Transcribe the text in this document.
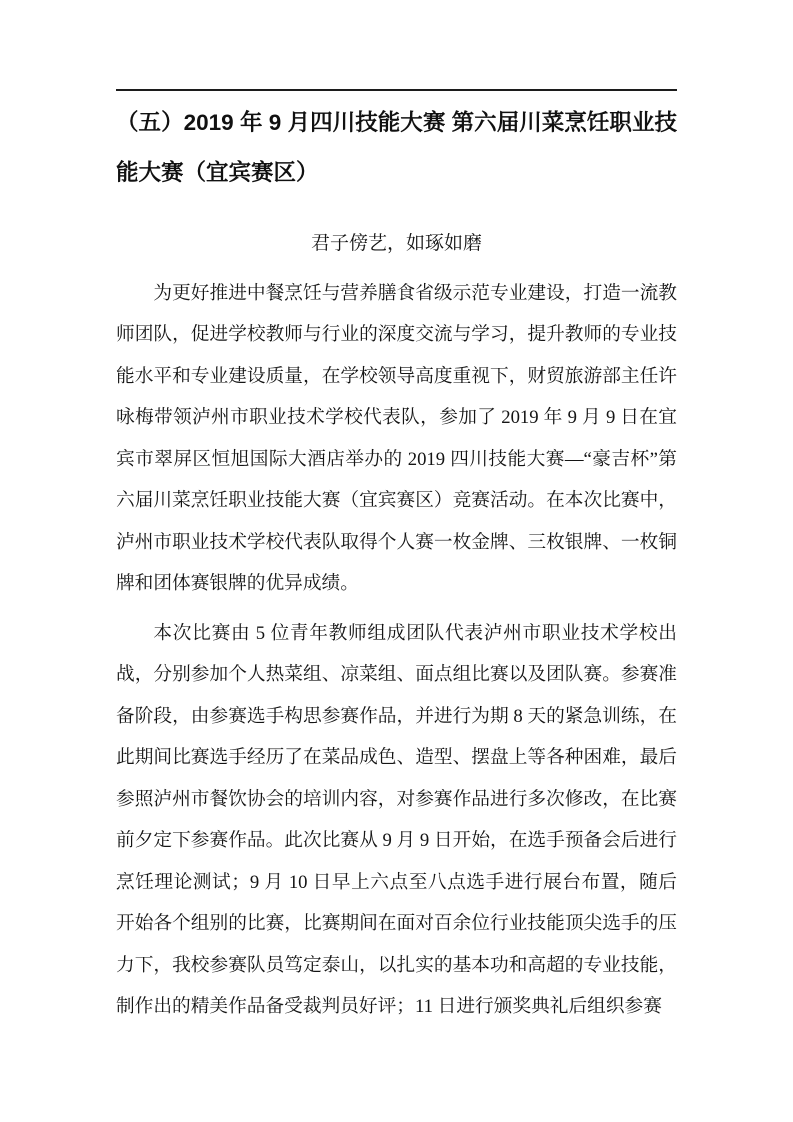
（五）2019 年 9 月四川技能大赛 第六届川菜烹饪职业技能大赛（宜宾赛区）

君子傍艺，如琢如磨

为更好推进中餐烹饪与营养膳食省级示范专业建设，打造一流教师团队，促进学校教师与行业的深度交流与学习，提升教师的专业技能水平和专业建设质量，在学校领导高度重视下，财贸旅游部主任许咏梅带领泸州市职业技术学校代表队，参加了 2019 年 9 月 9 日在宜宾市翠屏区恒旭国际大酒店举办的 2019 四川技能大赛—“豪吉杯”第六届川菜烹饪职业技能大赛（宜宾赛区）竞赛活动。在本次比赛中，泸州市职业技术学校代表队取得个人赛一枚金牌、三枚银牌、一枚铜牌和团体赛银牌的优异成绩。

本次比赛由 5 位青年教师组成团队代表泸州市职业技术学校出战，分别参加个人热菜组、凉菜组、面点组比赛以及团队赛。参赛准备阶段，由参赛选手构思参赛作品，并进行为期 8 天的紧急训练，在此期间比赛选手经历了在菜品成色、造型、摆盘上等各种困难，最后参照泸州市餐饮协会的培训内容，对参赛作品进行多次修改，在比赛前夕定下参赛作品。此次比赛从 9 月 9 日开始，在选手预备会后进行烹饪理论测试；9 月 10 日早上六点至八点选手进行展台布置，随后开始各个组别的比赛，比赛期间在面对百余位行业技能顶尖选手的压力下，我校参赛队员笃定泰山，以扎实的基本功和高超的专业技能，制作出的精美作品备受裁判员好评；11 日进行颁奖典礼后组织参赛
